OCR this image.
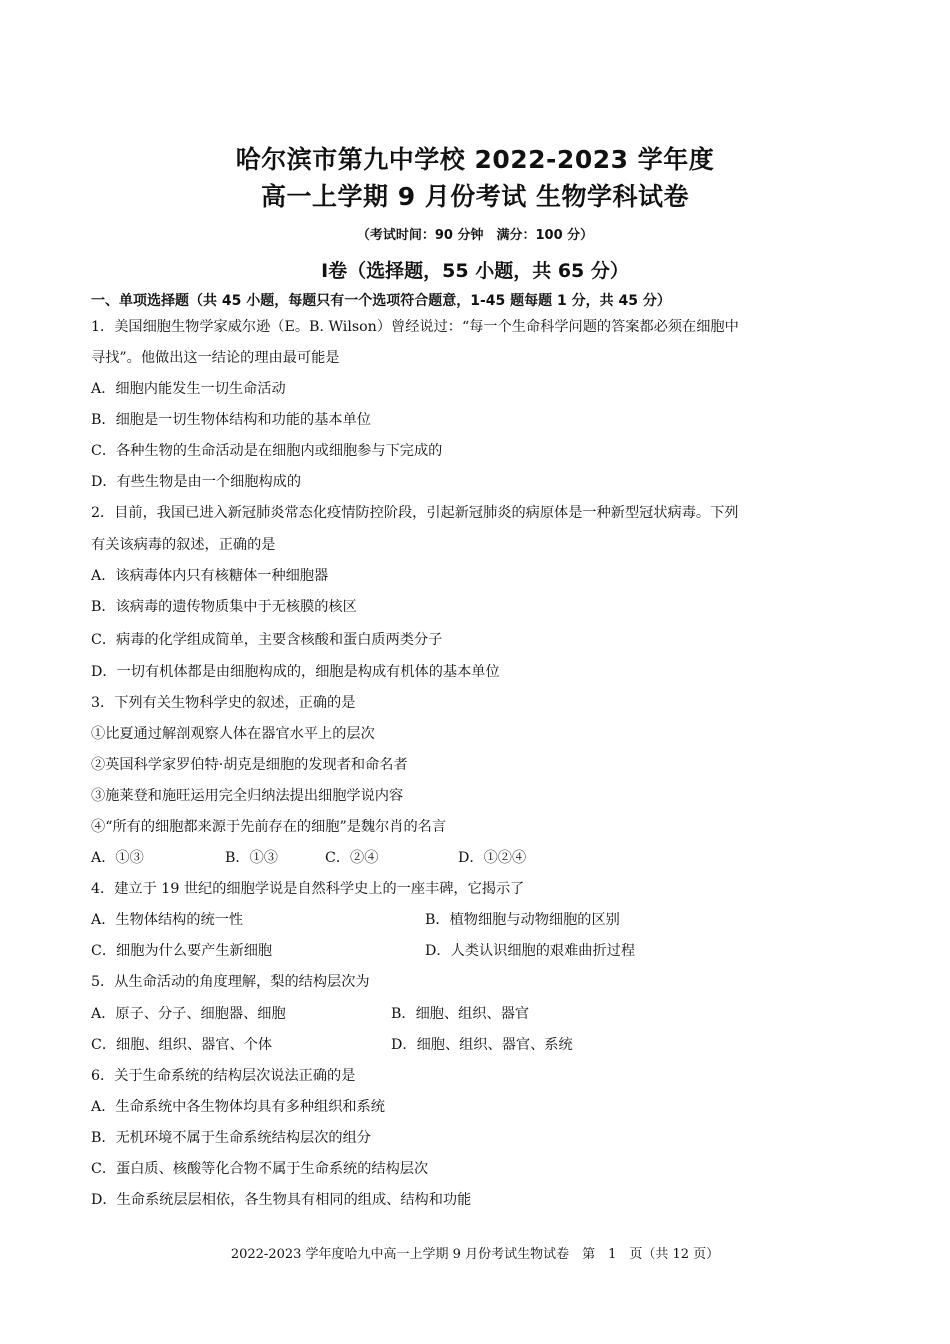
哈尔滨市第九中学校 2022-2023 学年度
高一上学期 9 月份考试 生物学科试卷
（考试时间：90 分钟　满分：100 分）
Ⅰ卷（选择题，55 小题，共 65 分）
一、单项选择题（共 45 小题，每题只有一个选项符合题意，1-45 题每题 1 分，共 45 分）
1．美国细胞生物学家威尔逊（E。B. Wilson）曾经说过：“每一个生命科学问题的答案都必须在细胞中
寻找”。他做出这一结论的理由最可能是
A．细胞内能发生一切生命活动
B．细胞是一切生物体结构和功能的基本单位
C．各种生物的生命活动是在细胞内或细胞参与下完成的
D．有些生物是由一个细胞构成的
2．目前，我国已进入新冠肺炎常态化疫情防控阶段，引起新冠肺炎的病原体是一种新型冠状病毒。下列
有关该病毒的叙述，正确的是
A．该病毒体内只有核糖体一种细胞器
B．该病毒的遗传物质集中于无核膜的核区
C．病毒的化学组成简单，主要含核酸和蛋白质两类分子
D．一切有机体都是由细胞构成的，细胞是构成有机体的基本单位
3．下列有关生物科学史的叙述，正确的是
①比夏通过解剖观察人体在器官水平上的层次
②英国科学家罗伯特·胡克是细胞的发现者和命名者
③施莱登和施旺运用完全归纳法提出细胞学说内容
④“所有的细胞都来源于先前存在的细胞”是魏尔肖的名言
A．①③	B．①③	C．②④	D．①②④
4．建立于 19 世纪的细胞学说是自然科学史上的一座丰碑，它揭示了
A．生物体结构的统一性	B．植物细胞与动物细胞的区别
C．细胞为什么要产生新细胞	D．人类认识细胞的艰难曲折过程
5．从生命活动的角度理解，梨的结构层次为
A．原子、分子、细胞器、细胞	B．细胞、组织、器官
C．细胞、组织、器官、个体	D．细胞、组织、器官、系统
6．关于生命系统的结构层次说法正确的是
A．生命系统中各生物体均具有多种组织和系统
B．无机环境不属于生命系统结构层次的组分
C．蛋白质、核酸等化合物不属于生命系统的结构层次
D．生命系统层层相依，各生物具有相同的组成、结构和功能
2022-2023 学年度哈九中高一上学期 9 月份考试生物试卷　第　1　页（共 12 页）
